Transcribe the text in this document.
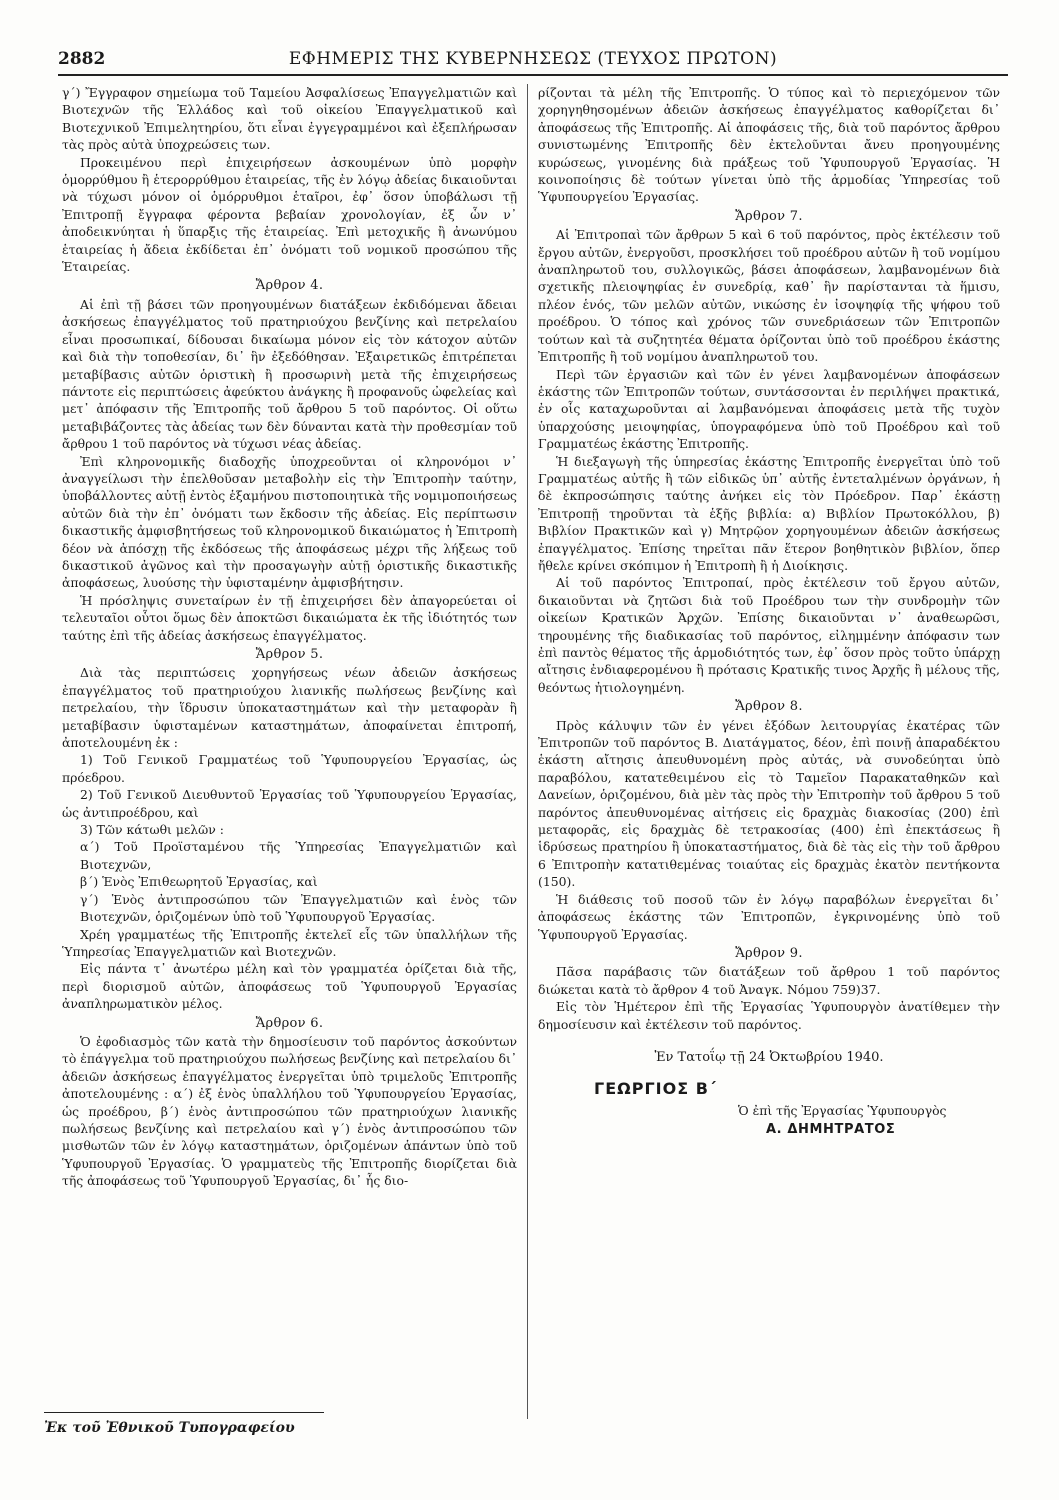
2882	ΕΦΗΜΕΡΙΣ ΤΗΣ ΚΥΒΕΡΝΗΣΕΩΣ (ΤΕΥΧΟΣ ΠΡΩΤΟΝ)

γ΄) Ἔγγραφον σημείωμα τοῦ Ταμείου Ἀσφαλίσεως Ἐπαγγελματιῶν καὶ Βιοτεχνῶν τῆς Ἑλλάδος καὶ τοῦ οἰκείου Ἐπαγγελματικοῦ καὶ Βιοτεχνικοῦ Ἐπιμελητηρίου, ὅτι εἶναι ἐγγεγραμμένοι καὶ ἐξεπλήρωσαν τὰς πρὸς αὐτὰ ὑποχρεώσεις των.

Προκειμένου περὶ ἐπιχειρήσεων ἀσκουμένων ὑπὸ μορφὴν ὁμορρύθμου ἢ ἑτερορρύθμου ἑταιρείας, τῆς ἐν λόγῳ ἀδείας δικαιοῦνται νὰ τύχωσι μόνον οἱ ὁμόρρυθμοι ἑταῖροι, ἐφ᾿ ὅσον ὑποβάλωσι τῇ Ἐπιτροπῇ ἔγγραφα φέροντα βεβαίαν χρονολογίαν, ἐξ ὧν ν᾿ ἀποδεικνύηται ἡ ὕπαρξις τῆς ἑταιρείας. Ἐπὶ μετοχικῆς ἢ ἀνωνύμου ἑταιρείας ἡ ἄδεια ἐκδίδεται ἐπ᾿ ὀνόματι τοῦ νομικοῦ προσώπου τῆς Ἑταιρείας.

Ἄρθρον 4.

Αἱ ἐπὶ τῇ βάσει τῶν προηγουμένων διατάξεων ἐκδιδόμεναι ἄδειαι ἀσκήσεως ἐπαγγέλματος τοῦ πρατηριούχου βενζίνης καὶ πετρελαίου εἶναι προσωπικαί, δίδουσαι δικαίωμα μόνον εἰς τὸν κάτοχον αὐτῶν καὶ διὰ τὴν τοποθεσίαν, δι᾿ ἣν ἐξεδόθησαν. Ἐξαιρετικῶς ἐπιτρέπεται μεταβίβασις αὐτῶν ὁριστικὴ ἢ προσωρινὴ μετὰ τῆς ἐπιχειρήσεως πάντοτε εἰς περιπτώσεις ἀφεύκτου ἀνάγκης ἢ προφανοῦς ὠφελείας καὶ μετ᾿ ἀπόφασιν τῆς Ἐπιτροπῆς τοῦ ἄρθρου 5 τοῦ παρόντος. Οἱ οὕτω μεταβιβάζοντες τὰς ἀδείας των δὲν δύνανται κατὰ τὴν προθεσμίαν τοῦ ἄρθρου 1 τοῦ παρόντος νὰ τύχωσι νέας ἀδείας.

Ἐπὶ κληρονομικῆς διαδοχῆς ὑποχρεοῦνται οἱ κληρονόμοι ν᾿ ἀναγγείλωσι τὴν ἐπελθοῦσαν μεταβολὴν εἰς τὴν Ἐπιτροπὴν ταύτην, ὑποβάλλοντες αὐτῇ ἐντὸς ἑξαμήνου πιστοποιητικὰ τῆς νομιμοποιήσεως αὐτῶν διὰ τὴν ἐπ᾿ ὀνόματι των ἔκδοσιν τῆς ἀδείας. Εἰς περίπτωσιν δικαστικῆς ἀμφισβητήσεως τοῦ κληρονομικοῦ δικαιώματος ἡ Ἐπιτροπὴ δέον νὰ ἀπόσχῃ τῆς ἐκδόσεως τῆς ἀποφάσεως μέχρι τῆς λήξεως τοῦ δικαστικοῦ ἀγῶνος καὶ τὴν προσαγωγὴν αὐτῇ ὁριστικῆς δικαστικῆς ἀποφάσεως, λυούσης τὴν ὑφισταμένην ἀμφισβήτησιν.

Ἡ πρόσληψις συνεταίρων ἐν τῇ ἐπιχειρήσει δὲν ἀπαγορεύεται οἱ τελευταῖοι οὗτοι ὅμως δὲν ἀποκτῶσι δικαιώματα ἐκ τῆς ἰδιότητός των ταύτης ἐπὶ τῆς ἀδείας ἀσκήσεως ἐπαγγέλματος.

Ἄρθρον 5.

Διὰ τὰς περιπτώσεις χορηγήσεως νέων ἀδειῶν ἀσκήσεως ἐπαγγέλματος τοῦ πρατηριούχου λιανικῆς πωλήσεως βενζίνης καὶ πετρελαίου, τὴν ἵδρυσιν ὑποκαταστημάτων καὶ τὴν μεταφορὰν ἢ μεταβίβασιν ὑφισταμένων καταστημάτων, ἀποφαίνεται ἐπιτροπή, ἀποτελουμένη ἐκ :

1) Τοῦ Γενικοῦ Γραμματέως τοῦ Ὑφυπουργείου Ἐργασίας, ὡς πρόεδρου.

2) Τοῦ Γενικοῦ Διευθυντοῦ Ἐργασίας τοῦ Ὑφυπουργείου Ἐργασίας, ὡς ἀντιπροέδρου, καὶ

3) Τῶν κάτωθι μελῶν :

α΄) Τοῦ Προϊσταμένου τῆς Ὑπηρεσίας Ἐπαγγελματιῶν καὶ Βιοτεχνῶν,

β΄) Ἑνὸς Ἐπιθεωρητοῦ Ἐργασίας, καὶ

γ΄) Ἑνὸς ἀντιπροσώπου τῶν Ἐπαγγελματιῶν καὶ ἑνὸς τῶν Βιοτεχνῶν, ὁριζομένων ὑπὸ τοῦ Ὑφυπουργοῦ Ἐργασίας.

Χρέη γραμματέως τῆς Ἐπιτροπῆς ἐκτελεῖ εἷς τῶν ὑπαλλήλων τῆς Ὑπηρεσίας Ἐπαγγελματιῶν καὶ Βιοτεχνῶν.

Εἰς πάντα τ᾿ ἀνωτέρω μέλη καὶ τὸν γραμματέα ὁρίζεται διὰ τῆς, περὶ διορισμοῦ αὐτῶν, ἀποφάσεως τοῦ Ὑφυπουργοῦ Ἐργασίας ἀναπληρωματικὸν μέλος.

Ἄρθρον 6.

Ὁ ἐφοδιασμὸς τῶν κατὰ τὴν δημοσίευσιν τοῦ παρόντος ἀσκούντων τὸ ἐπάγγελμα τοῦ πρατηριούχου πωλήσεως βενζίνης καὶ πετρελαίου δι᾿ ἀδειῶν ἀσκήσεως ἐπαγγέλματος ἐνεργεῖται ὑπὸ τριμελοῦς Ἐπιτροπῆς ἀποτελουμένης : α΄) ἐξ ἑνὸς ὑπαλλήλου τοῦ Ὑφυπουργείου Ἐργασίας, ὡς προέδρου, β΄) ἑνὸς ἀντιπροσώπου τῶν πρατηριούχων λιανικῆς πωλήσεως βενζίνης καὶ πετρελαίου καὶ γ΄) ἑνὸς ἀντιπροσώπου τῶν μισθωτῶν τῶν ἐν λόγῳ καταστημάτων, ὁριζομένων ἁπάντων ὑπὸ τοῦ Ὑφυπουργοῦ Ἐργασίας. Ὁ γραμματεὺς τῆς Ἐπιτροπῆς διορίζεται διὰ τῆς ἀποφάσεως τοῦ Ὑφυπουργοῦ Ἐργασίας, δι᾿ ἧς διο-

ρίζονται τὰ μέλη τῆς Ἐπιτροπῆς. Ὁ τύπος καὶ τὸ περιεχόμενον τῶν χορηγηθησομένων ἀδειῶν ἀσκήσεως ἐπαγγέλματος καθορίζεται δι᾿ ἀποφάσεως τῆς Ἐπιτροπῆς. Αἱ ἀποφάσεις τῆς, διὰ τοῦ παρόντος ἄρθρου συνιστωμένης Ἐπιτροπῆς δὲν ἐκτελοῦνται ἄνευ προηγουμένης κυρώσεως, γινομένης διὰ πράξεως τοῦ Ὑφυπουργοῦ Ἐργασίας. Ἡ κοινοποίησις δὲ τούτων γίνεται ὑπὸ τῆς ἁρμοδίας Ὑπηρεσίας τοῦ Ὑφυπουργείου Ἐργασίας.

Ἄρθρον 7.

Αἱ Ἐπιτροπαὶ τῶν ἄρθρων 5 καὶ 6 τοῦ παρόντος, πρὸς ἐκτέλεσιν τοῦ ἔργου αὐτῶν, ἐνεργοῦσι, προσκλήσει τοῦ προέδρου αὐτῶν ἢ τοῦ νομίμου ἀναπληρωτοῦ του, συλλογικῶς, βάσει ἀποφάσεων, λαμβανομένων διὰ σχετικῆς πλειοψηφίας ἐν συνεδρίᾳ, καθ᾿ ἣν παρίστανται τὰ ἥμισυ, πλέον ἑνός, τῶν μελῶν αὐτῶν, νικώσης ἐν ἰσοψηφίᾳ τῆς ψήφου τοῦ προέδρου. Ὁ τόπος καὶ χρόνος τῶν συνεδριάσεων τῶν Ἐπιτροπῶν τούτων καὶ τὰ συζητητέα θέματα ὁρίζονται ὑπὸ τοῦ προέδρου ἑκάστης Ἐπιτροπῆς ἢ τοῦ νομίμου ἀναπληρωτοῦ του.

Περὶ τῶν ἐργασιῶν καὶ τῶν ἐν γένει λαμβανομένων ἀποφάσεων ἑκάστης τῶν Ἐπιτροπῶν τούτων, συντάσσονται ἐν περιλήψει πρακτικά, ἐν οἷς καταχωροῦνται αἱ λαμβανόμεναι ἀποφάσεις μετὰ τῆς τυχὸν ὑπαρχούσης μειοψηφίας, ὑπογραφόμενα ὑπὸ τοῦ Προέδρου καὶ τοῦ Γραμματέως ἑκάστης Ἐπιτροπῆς.

Ἡ διεξαγωγὴ τῆς ὑπηρεσίας ἑκάστης Ἐπιτροπῆς ἐνεργεῖται ὑπὸ τοῦ Γραμματέως αὐτῆς ἢ τῶν εἰδικῶς ὑπ᾿ αὐτῆς ἐντεταλμένων ὀργάνων, ἡ δὲ ἐκπροσώπησις ταύτης ἀνήκει εἰς τὸν Πρόεδρον. Παρ᾿ ἑκάστῃ Ἐπιτροπῇ τηροῦνται τὰ ἑξῆς βιβλία: α) Βιβλίον Πρωτοκόλλου, β) Βιβλίον Πρακτικῶν καὶ γ) Μητρῷον χορηγουμένων ἀδειῶν ἀσκήσεως ἐπαγγέλματος. Ἐπίσης τηρεῖται πᾶν ἕτερον βοηθητικὸν βιβλίον, ὅπερ ἤθελε κρίνει σκόπιμον ἡ Ἐπιτροπὴ ἢ ἡ Διοίκησις.

Αἱ τοῦ παρόντος Ἐπιτροπαί, πρὸς ἐκτέλεσιν τοῦ ἔργου αὐτῶν, δικαιοῦνται νὰ ζητῶσι διὰ τοῦ Προέδρου των τὴν συνδρομὴν τῶν οἰκείων Κρατικῶν Ἀρχῶν. Ἐπίσης δικαιοῦνται ν᾿ ἀναθεωρῶσι, τηρουμένης τῆς διαδικασίας τοῦ παρόντος, εἰλημμένην ἀπόφασιν των ἐπὶ παντὸς θέματος τῆς ἁρμοδιότητός των, ἐφ᾿ ὅσον πρὸς τοῦτο ὑπάρχῃ αἴτησις ἐνδιαφερομένου ἢ πρότασις Κρατικῆς τινος Ἀρχῆς ἢ μέλους τῆς, θεόντως ἠτιολογημένη.

Ἄρθρον 8.

Πρὸς κάλυψιν τῶν ἐν γένει ἐξόδων λειτουργίας ἑκατέρας τῶν Ἐπιτροπῶν τοῦ παρόντος Β. Διατάγματος, δέον, ἐπὶ ποινῇ ἀπαραδέκτου ἑκάστη αἴτησις ἀπευθυνομένη πρὸς αὐτάς, νὰ συνοδεύηται ὑπὸ παραβόλου, κατατεθειμένου εἰς τὸ Ταμεῖον Παρακαταθηκῶν καὶ Δανείων, ὁριζομένου, διὰ μὲν τὰς πρὸς τὴν Ἐπιτροπὴν τοῦ ἄρθρου 5 τοῦ παρόντος ἀπευθυνομένας αἰτήσεις εἰς δραχμὰς διακοσίας (200) ἐπὶ μεταφορᾶς, εἰς δραχμὰς δὲ τετρακοσίας (400) ἐπὶ ἐπεκτάσεως ἢ ἱδρύσεως πρατηρίου ἢ ὑποκαταστήματος, διὰ δὲ τὰς εἰς τὴν τοῦ ἄρθρου 6 Ἐπιτροπὴν κατατιθεμένας τοιαύτας εἰς δραχμὰς ἑκατὸν πεντήκοντα (150).

Ἡ διάθεσις τοῦ ποσοῦ τῶν ἐν λόγῳ παραβόλων ἐνεργεῖται δι᾿ ἀποφάσεως ἑκάστης τῶν Ἐπιτροπῶν, ἐγκρινομένης ὑπὸ τοῦ Ὑφυπουργοῦ Ἐργασίας.

Ἄρθρον 9.

Πᾶσα παράβασις τῶν διατάξεων τοῦ ἄρθρου 1 τοῦ παρόντος διώκεται κατὰ τὸ ἄρθρον 4 τοῦ Ἀναγκ. Νόμου 759)37.

Εἰς τὸν Ἡμέτερον ἐπὶ τῆς Ἐργασίας Ὑφυπουργὸν ἀνατίθεμεν τὴν δημοσίευσιν καὶ ἐκτέλεσιν τοῦ παρόντος.

Ἐν Τατοΐῳ τῇ 24 Ὀκτωβρίου 1940.
ΓΕΩΡΓΙΟΣ Β΄
Ὁ ἐπὶ τῆς Ἐργασίας Ὑφυπουργὸς
Α. ΔΗΜΗΤΡΑΤΟΣ
Ἐκ τοῦ Ἐθνικοῦ Τυπογραφείου
